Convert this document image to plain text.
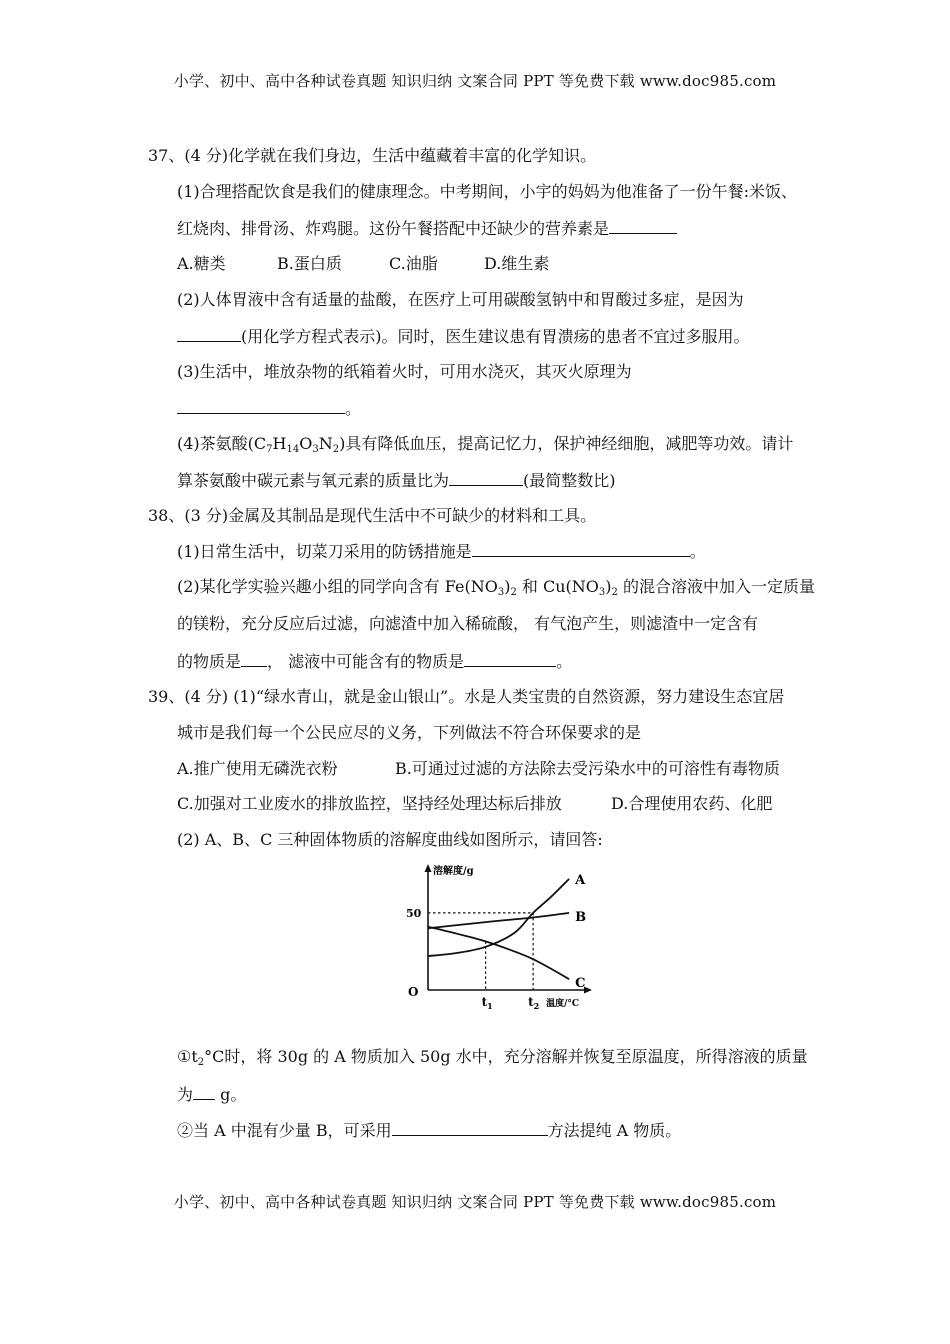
小学、初中、高中各种试卷真题 知识归纳 文案合同 PPT 等免费下载 www.doc985.com
37、(4 分)化学就在我们身边，生活中蕴藏着丰富的化学知识。
(1)合理搭配饮食是我们的健康理念。中考期间，小宇的妈妈为他准备了一份午餐:米饭、
红烧肉、排骨汤、炸鸡腿。这份午餐搭配中还缺少的营养素是
A.糖类	B.蛋白质	C.油脂	D.维生素
(2)人体胃液中含有适量的盐酸，在医疗上可用碳酸氢钠中和胃酸过多症，是因为
(用化学方程式表示)。同时，医生建议患有胃溃疡的患者不宜过多服用。
(3)生活中，堆放杂物的纸箱着火时，可用水浇灭，其灭火原理为
。
(4)茶氨酸$(C_7H_{14}O_3N_2)$具有降低血压，提高记忆力，保护神经细胞，减肥等功效。请计
算茶氨酸中碳元素与氧元素的质量比为	(最简整数比)
38、(3 分)金属及其制品是现代生活中不可缺少的材料和工具。
(1)日常生活中，切菜刀采用的防锈措施是	。
(2)某化学实验兴趣小组的同学向含有 $Fe(NO_3)_2$ 和 $Cu(NO_3)_2$ 的混合溶液中加入一定质量
的镁粉，充分反应后过滤，向滤渣中加入稀硫酸， 有气泡产生，则滤渣中一定含有
的物质是 ， 滤液中可能含有的物质是	。
39、(4 分) (1)“绿水青山，就是金山银山”。水是人类宝贵的自然资源，努力建设生态宜居
城市是我们每一个公民应尽的义务，下列做法不符合环保要求的是
A.推广使用无磷洗衣粉	B.可通过过滤的方法除去受污染水中的可溶性有毒物质
C.加强对工业废水的排放监控，坚持经处理达标后排放	D.合理使用农药、化肥
(2) A、B、C 三种固体物质的溶解度曲线如图所示，请回答:
A
B
C
溶解度/g
温度/°C
50
O
$t_1$	$t_2$
$①t_2^\circ C$时，将 30g 的 A 物质加入 50g 水中，充分溶解并恢复至原温度，所得溶液的质量
为 g。
②当 A 中混有少量 B，可采用	方法提纯 A 物质。
小学、初中、高中各种试卷真题 知识归纳 文案合同 PPT 等免费下载 www.doc985.com
